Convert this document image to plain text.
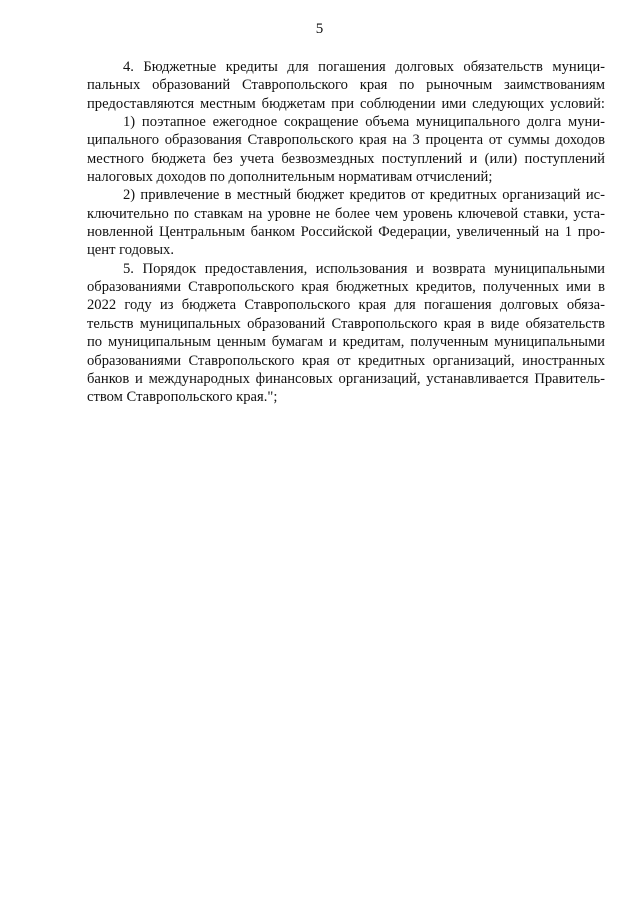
5
4. Бюджетные кредиты для погашения долговых обязательств муници-
пальных образований Ставропольского края по рыночным заимствованиям
предоставляются местным бюджетам при соблюдении ими следующих условий:
1) поэтапное ежегодное сокращение объема муниципального долга муни-
ципального образования Ставропольского края на 3 процента от суммы доходов
местного бюджета без учета безвозмездных поступлений и (или) поступлений
налоговых доходов по дополнительным нормативам отчислений;
2) привлечение в местный бюджет кредитов от кредитных организаций ис-
ключительно по ставкам на уровне не более чем уровень ключевой ставки, уста-
новленной Центральным банком Российской Федерации, увеличенный на 1 про-
цент годовых.
5. Порядок предоставления, использования и возврата муниципальными
образованиями Ставропольского края бюджетных кредитов, полученных ими в
2022 году из бюджета Ставропольского края для погашения долговых обяза-
тельств муниципальных образований Ставропольского края в виде обязательств
по муниципальным ценным бумагам и кредитам, полученным муниципальными
образованиями Ставропольского края от кредитных организаций, иностранных
банков и международных финансовых организаций, устанавливается Правитель-
ством Ставропольского края.";
